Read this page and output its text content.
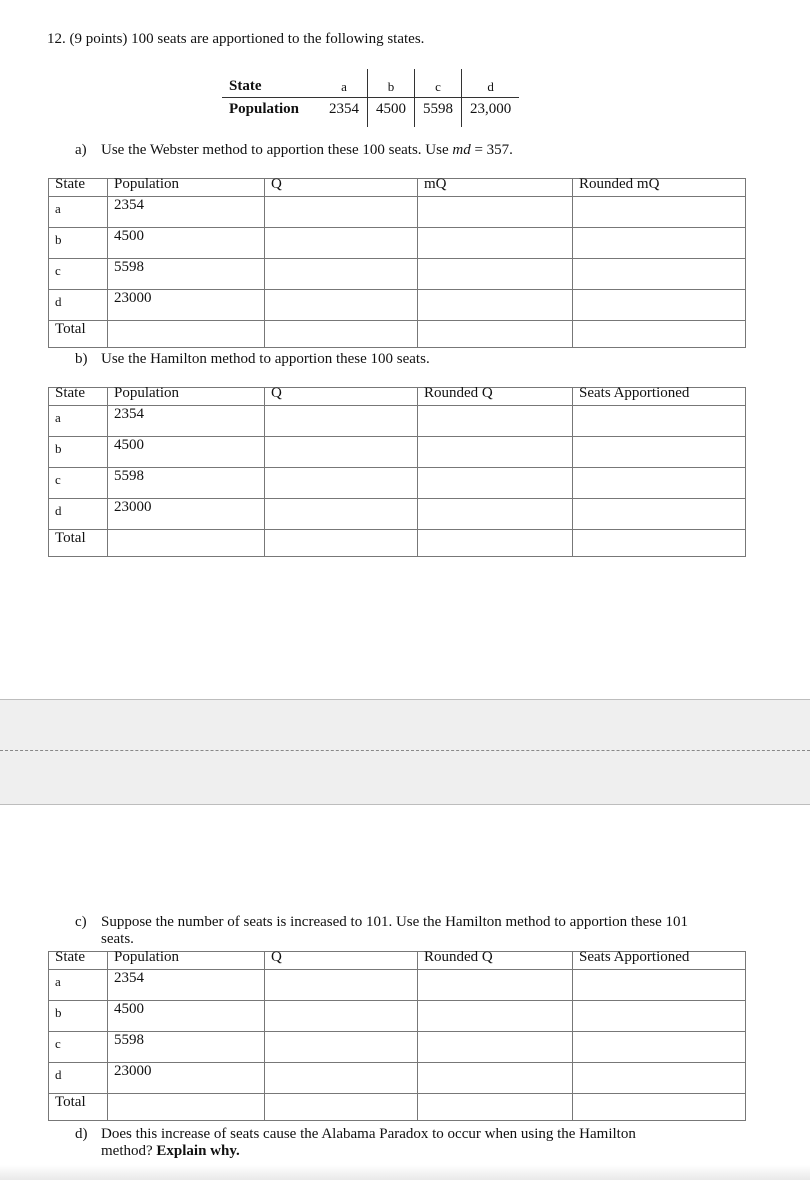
12. (9 points) 100 seats are apportioned to the following states.
State	a	b	c	d
Population	2354	4500	5598	23,000
a) Use the Webster method to apportion these 100 seats. Use md = 357.
State	Population	Q	mQ	Rounded mQ
a	2354			
b	4500			
c	5598			
d	23000			
Total				
b) Use the Hamilton method to apportion these 100 seats.
State	Population	Q	Rounded Q	Seats Apportioned
a	2354			
b	4500			
c	5598			
d	23000			
Total				
c) Suppose the number of seats is increased to 101. Use the Hamilton method to apportion these 101
seats.
State	Population	Q	Rounded Q	Seats Apportioned
a	2354			
b	4500			
c	5598			
d	23000			
Total				
d) Does this increase of seats cause the Alabama Paradox to occur when using the Hamilton
method? Explain why.
